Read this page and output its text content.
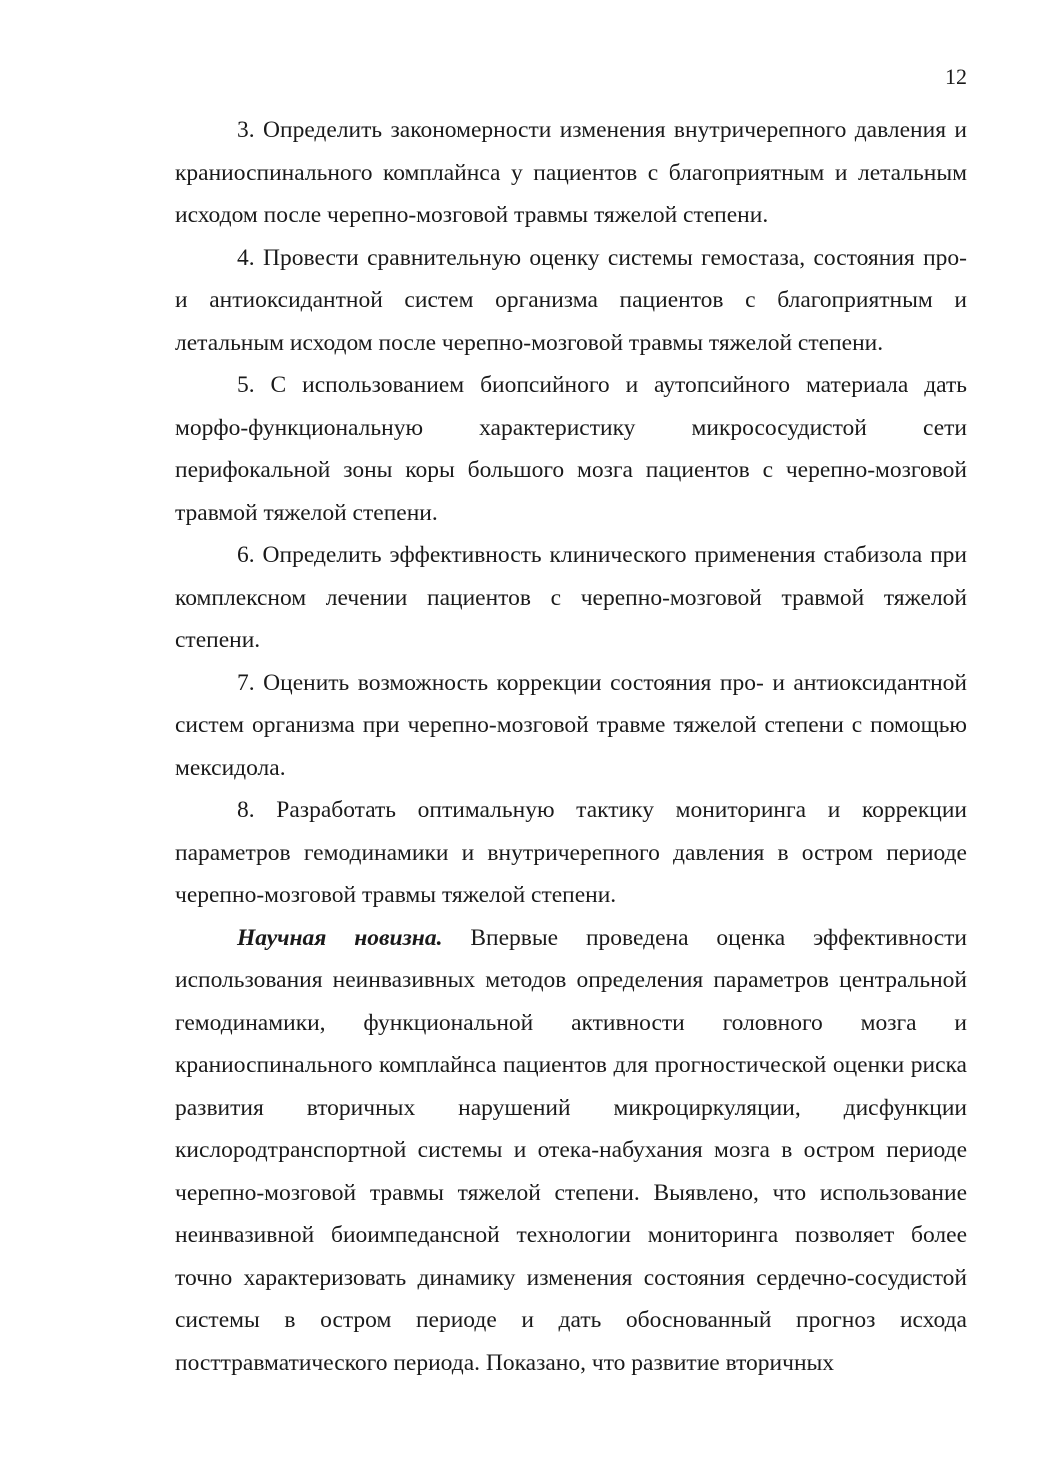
12

3. Определить закономерности изменения внутричерепного давления и краниоспинального комплайнса у пациентов с благоприятным и летальным исходом после черепно-мозговой травмы тяжелой степени.

4. Провести сравнительную оценку системы гемостаза, состояния про- и антиоксидантной систем организма пациентов с благоприятным и летальным исходом после черепно-мозговой травмы тяжелой степени.

5. С использованием биопсийного и аутопсийного материала дать морфо-функциональную характеристику микрососудистой сети перифокальной зоны коры большого мозга пациентов с черепно-мозговой травмой тяжелой степени.

6. Определить эффективность клинического применения стабизола при комплексном лечении пациентов с черепно-мозговой травмой тяжелой степени.

7. Оценить возможность коррекции состояния про- и антиоксидантной систем организма при черепно-мозговой травме тяжелой степени с помощью мексидола.

8. Разработать оптимальную тактику мониторинга и коррекции параметров гемодинамики и внутричерепного давления в остром периоде черепно-мозговой травмы тяжелой степени.

Научная новизна. Впервые проведена оценка эффективности использования неинвазивных методов определения параметров центральной гемодинамики, функциональной активности головного мозга и краниоспинального комплайнса пациентов для прогностической оценки риска развития вторичных нарушений микроциркуляции, дисфункции кислородтранспортной системы и отека-набухания мозга в остром периоде черепно-мозговой травмы тяжелой степени. Выявлено, что использование неинвазивной биоимпедансной технологии мониторинга позволяет более точно характеризовать динамику изменения состояния сердечно-сосудистой системы в остром периоде и дать обоснованный прогноз исхода посттравматического периода. Показано, что развитие вторичных
